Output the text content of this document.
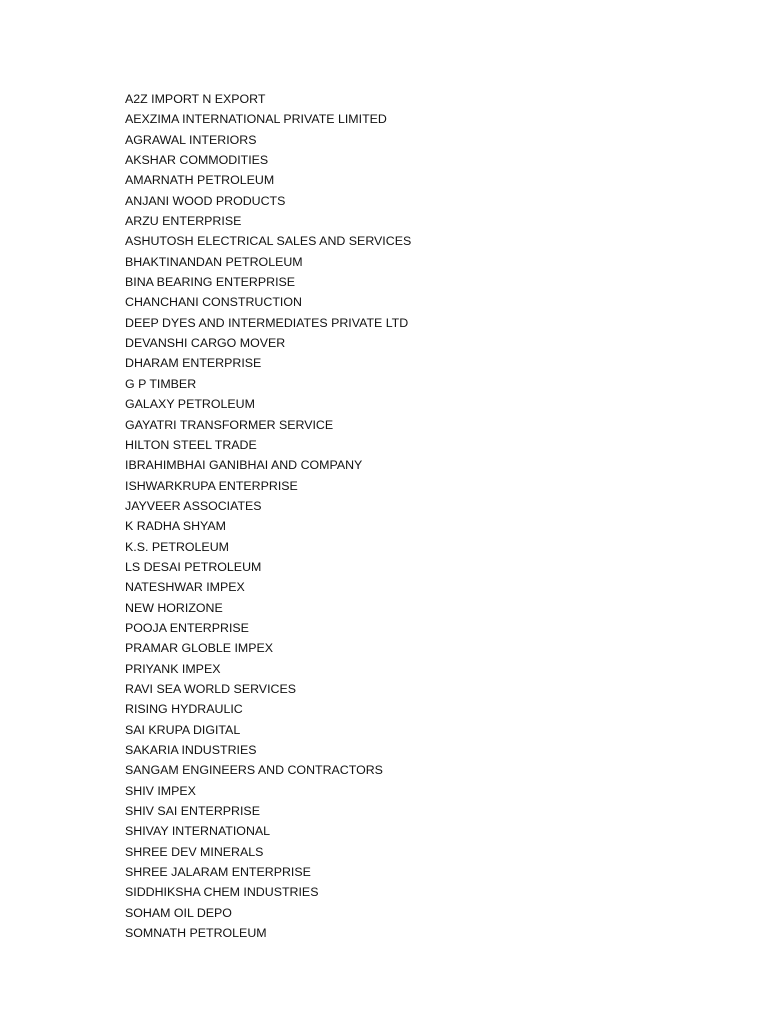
A2Z IMPORT N EXPORT
AEXZIMA INTERNATIONAL PRIVATE LIMITED
AGRAWAL INTERIORS
AKSHAR COMMODITIES
AMARNATH PETROLEUM
ANJANI WOOD PRODUCTS
ARZU ENTERPRISE
ASHUTOSH ELECTRICAL SALES AND SERVICES
BHAKTINANDAN PETROLEUM
BINA BEARING ENTERPRISE
CHANCHANI CONSTRUCTION
DEEP DYES AND INTERMEDIATES PRIVATE LTD
DEVANSHI CARGO MOVER
DHARAM ENTERPRISE
G P TIMBER
GALAXY PETROLEUM
GAYATRI TRANSFORMER SERVICE
HILTON STEEL TRADE
IBRAHIMBHAI GANIBHAI AND COMPANY
ISHWARKRUPA ENTERPRISE
JAYVEER ASSOCIATES
K RADHA SHYAM
K.S. PETROLEUM
LS DESAI PETROLEUM
NATESHWAR IMPEX
NEW HORIZONE
POOJA ENTERPRISE
PRAMAR GLOBLE IMPEX
PRIYANK IMPEX
RAVI SEA WORLD SERVICES
RISING HYDRAULIC
SAI KRUPA DIGITAL
SAKARIA INDUSTRIES
SANGAM ENGINEERS AND CONTRACTORS
SHIV IMPEX
SHIV SAI ENTERPRISE
SHIVAY INTERNATIONAL
SHREE DEV MINERALS
SHREE JALARAM ENTERPRISE
SIDDHIKSHA CHEM INDUSTRIES
SOHAM OIL DEPO
SOMNATH PETROLEUM
